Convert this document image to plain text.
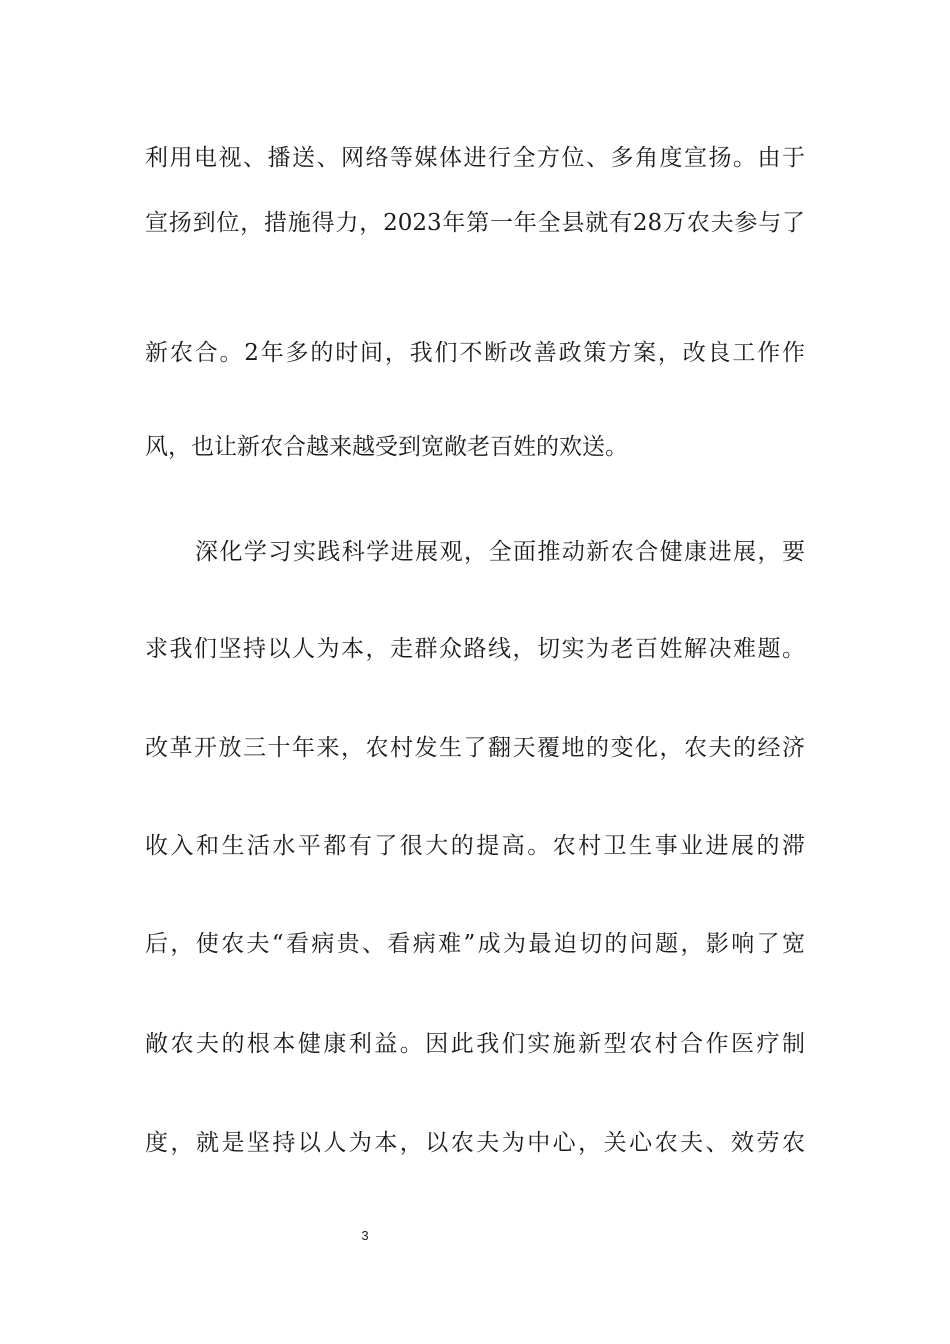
利用电视、播送、网络等媒体进行全方位、多角度宣扬。由于
宣扬到位，措施得力，2023年第一年全县就有28万农夫参与了
新农合。2年多的时间，我们不断改善政策方案，改良工作作
风，也让新农合越来越受到宽敞老百姓的欢送。
深化学习实践科学进展观，全面推动新农合健康进展，要
求我们坚持以人为本，走群众路线，切实为老百姓解决难题。
改革开放三十年来，农村发生了翻天覆地的变化，农夫的经济
收入和生活水平都有了很大的提高。农村卫生事业进展的滞
后，使农夫“看病贵、看病难”成为最迫切的问题，影响了宽
敞农夫的根本健康利益。因此我们实施新型农村合作医疗制
度，就是坚持以人为本，以农夫为中心，关心农夫、效劳农
3
